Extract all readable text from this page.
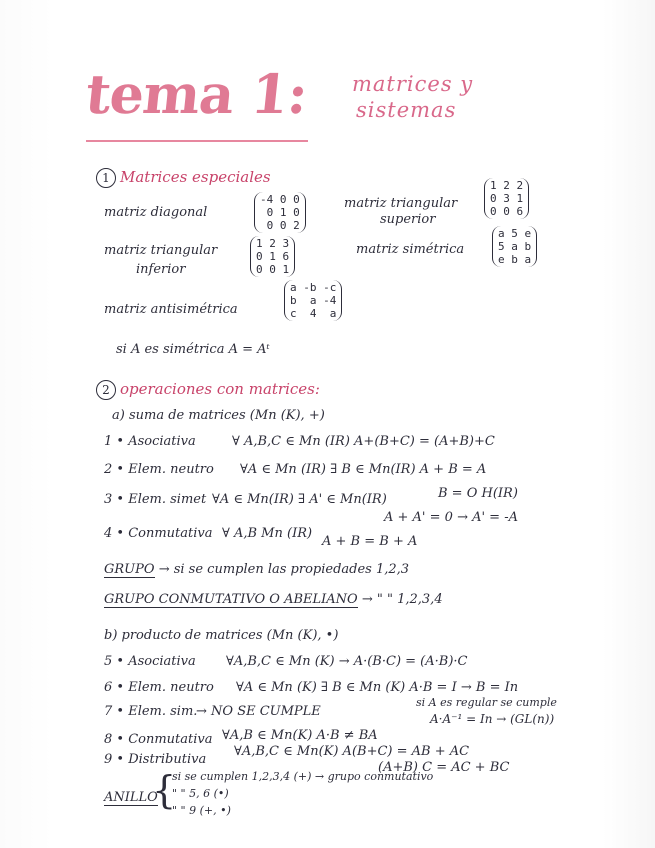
tema 1: matrices y
sistemas
1 Matrices especiales
matriz diagonal
-4 0 0
0 1 0
0 0 2
matriz triangular
superior
1 2 2
0 3 1
0 0 6
matriz triangular
inferior
1 2 3
0 1 6
0 0 1
matriz simétrica
a 5 e
5 a b
e b a
matriz antisimétrica
a -b -c
b  a -4
c  4  a
si A es simétrica A = Aᵗ
2 operaciones con matrices:
a) suma de matrices (Mn (K), +)
1 • Asociativa	∀ A,B,C ∈ Mn (IR) A+(B+C) = (A+B)+C
2 • Elem. neutro ∀A ∈ Mn (IR) ∃ B ∈ Mn(IR) A + B = A
3 • Elem. simet ∀A ∈ Mn(IR) ∃ A' ∈ Mn(IR)	B = O H(IR)
A + A' = 0 → A' = -A
4 • Conmutativa ∀ A,B Mn (IR)
A + B = B + A
GRUPO → si se cumplen las propiedades 1,2,3
GRUPO CONMUTATIVO O ABELIANO → " " 1,2,3,4
b) producto de matrices (Mn (K), •)
5 • Asociativa ∀A,B,C ∈ Mn (K) → A·(B·C) = (A·B)·C
6 • Elem. neutro ∀A ∈ Mn (K) ∃ B ∈ Mn (K) A·B = I → B = In
7 • Elem. sim.
→ NO SE CUMPLE
si A es regular se cumple
A·A⁻¹ = In → (GL(n))
8 • Conmutativa ∀A,B ∈ Mn(K) A·B ≠ BA
9 • Distributiva
∀A,B,C ∈ Mn(K) A(B+C) = AB + AC
(A+B) C = AC + BC
ANILLO
{
si se cumplen 1,2,3,4 (+) → grupo conmutativo
" " 5, 6 (•)
" " 9 (+, •)
